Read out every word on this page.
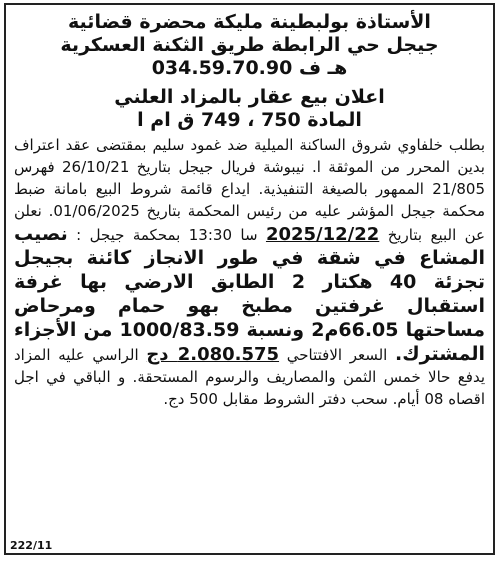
الأستاذة بولبطينة مليكة محضرة قضائية
جيجل حي الرابطة طريق الثكنة العسكرية
هـ ف 034.59.70.90
اعلان بيع عقار بالمزاد العلني
المادة 750 ، 749 ق ام ا

بطلب خلفاوي شروق الساكنة الميلية ضد غمود سليم بمقتضى عقد اعتراف بدين المحرر من الموثقة ا. نيبوشة فريال جيجل بتاريخ 26/10/21 فهرس 21/805 الممهور بالصيغة التنفيذية. ايداع قائمة شروط البيع بامانة ضبط محكمة جيجل المؤشر عليه من رئيس المحكمة بتاريخ 01/06/2025. نعلن عن البيع بتاريخ 2025/12/22 سا 13:30 بمحكمة جيجل : نصيب المشاع في شقة في طور الانجاز كائنة بجيجل تجزئة 40 هكتار 2 الطابق الارضي بها غرفة استقبال غرفتين مطبخ بهو حمام ومرحاض مساحتها 66.05م2 ونسبة 1000/83.59 من الأجزاء المشترك. السعر الافتتاحي 2.080.575 دج الراسي عليه المزاد يدفع حالا خمس الثمن والمصاريف والرسوم المستحقة. و الباقي في اجل اقصاه 08 أيام. سحب دفتر الشروط مقابل 500 دج.

222/11
